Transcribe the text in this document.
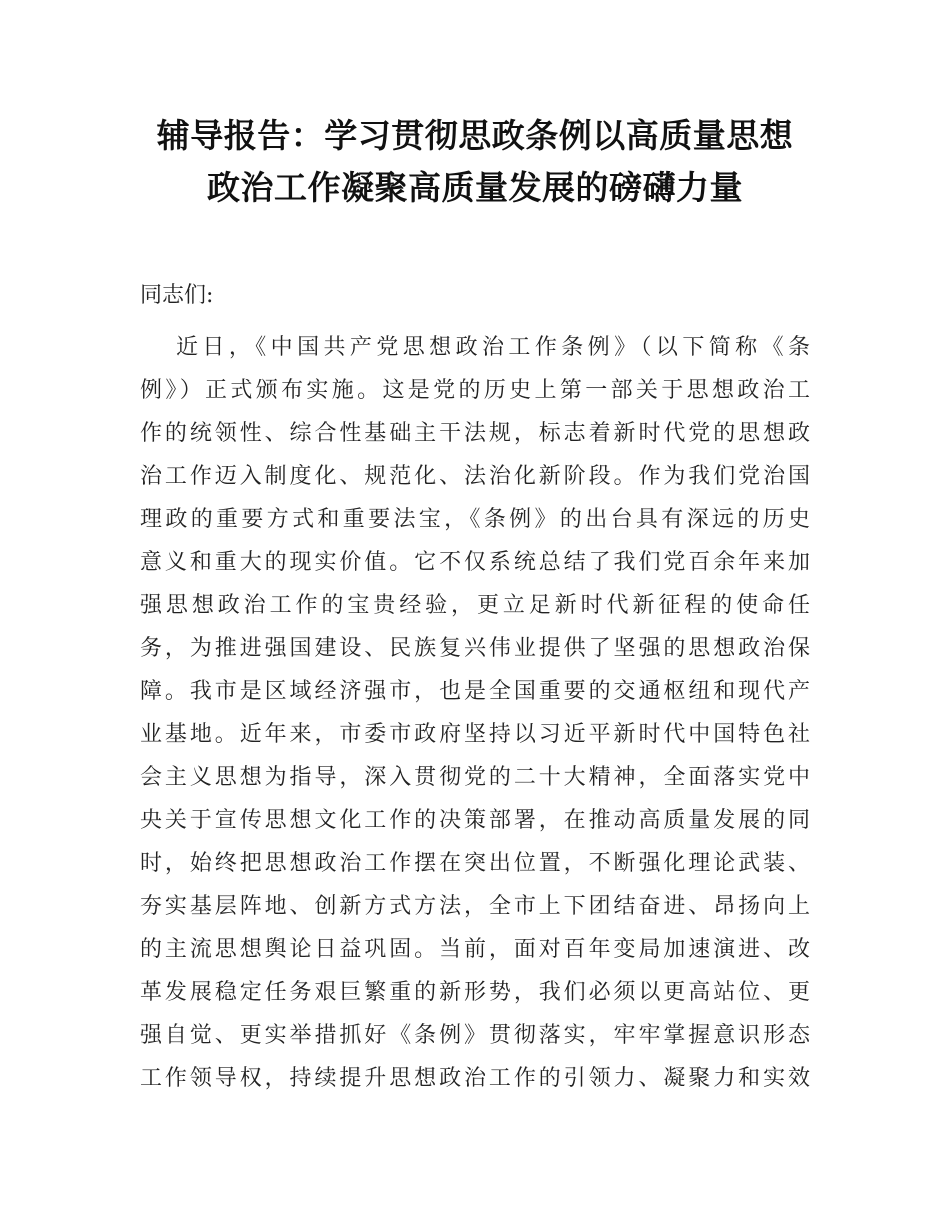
辅导报告：学习贯彻思政条例以高质量思想
政治工作凝聚高质量发展的磅礴力量

同志们:

近日，《中国共产党思想政治工作条例》（以下简称《条
例》）正式颁布实施。这是党的历史上第一部关于思想政治工
作的统领性、综合性基础主干法规，标志着新时代党的思想政
治工作迈入制度化、规范化、法治化新阶段。作为我们党治国
理政的重要方式和重要法宝，《条例》的出台具有深远的历史
意义和重大的现实价值。它不仅系统总结了我们党百余年来加
强思想政治工作的宝贵经验，更立足新时代新征程的使命任
务，为推进强国建设、民族复兴伟业提供了坚强的思想政治保
障。我市是区域经济强市，也是全国重要的交通枢纽和现代产
业基地。近年来，市委市政府坚持以习近平新时代中国特色社
会主义思想为指导，深入贯彻党的二十大精神，全面落实党中
央关于宣传思想文化工作的决策部署，在推动高质量发展的同
时，始终把思想政治工作摆在突出位置，不断强化理论武装、
夯实基层阵地、创新方式方法，全市上下团结奋进、昂扬向上
的主流思想舆论日益巩固。当前，面对百年变局加速演进、改
革发展稳定任务艰巨繁重的新形势，我们必须以更高站位、更
强自觉、更实举措抓好《条例》贯彻落实，牢牢掌握意识形态
工作领导权，持续提升思想政治工作的引领力、凝聚力和实效
